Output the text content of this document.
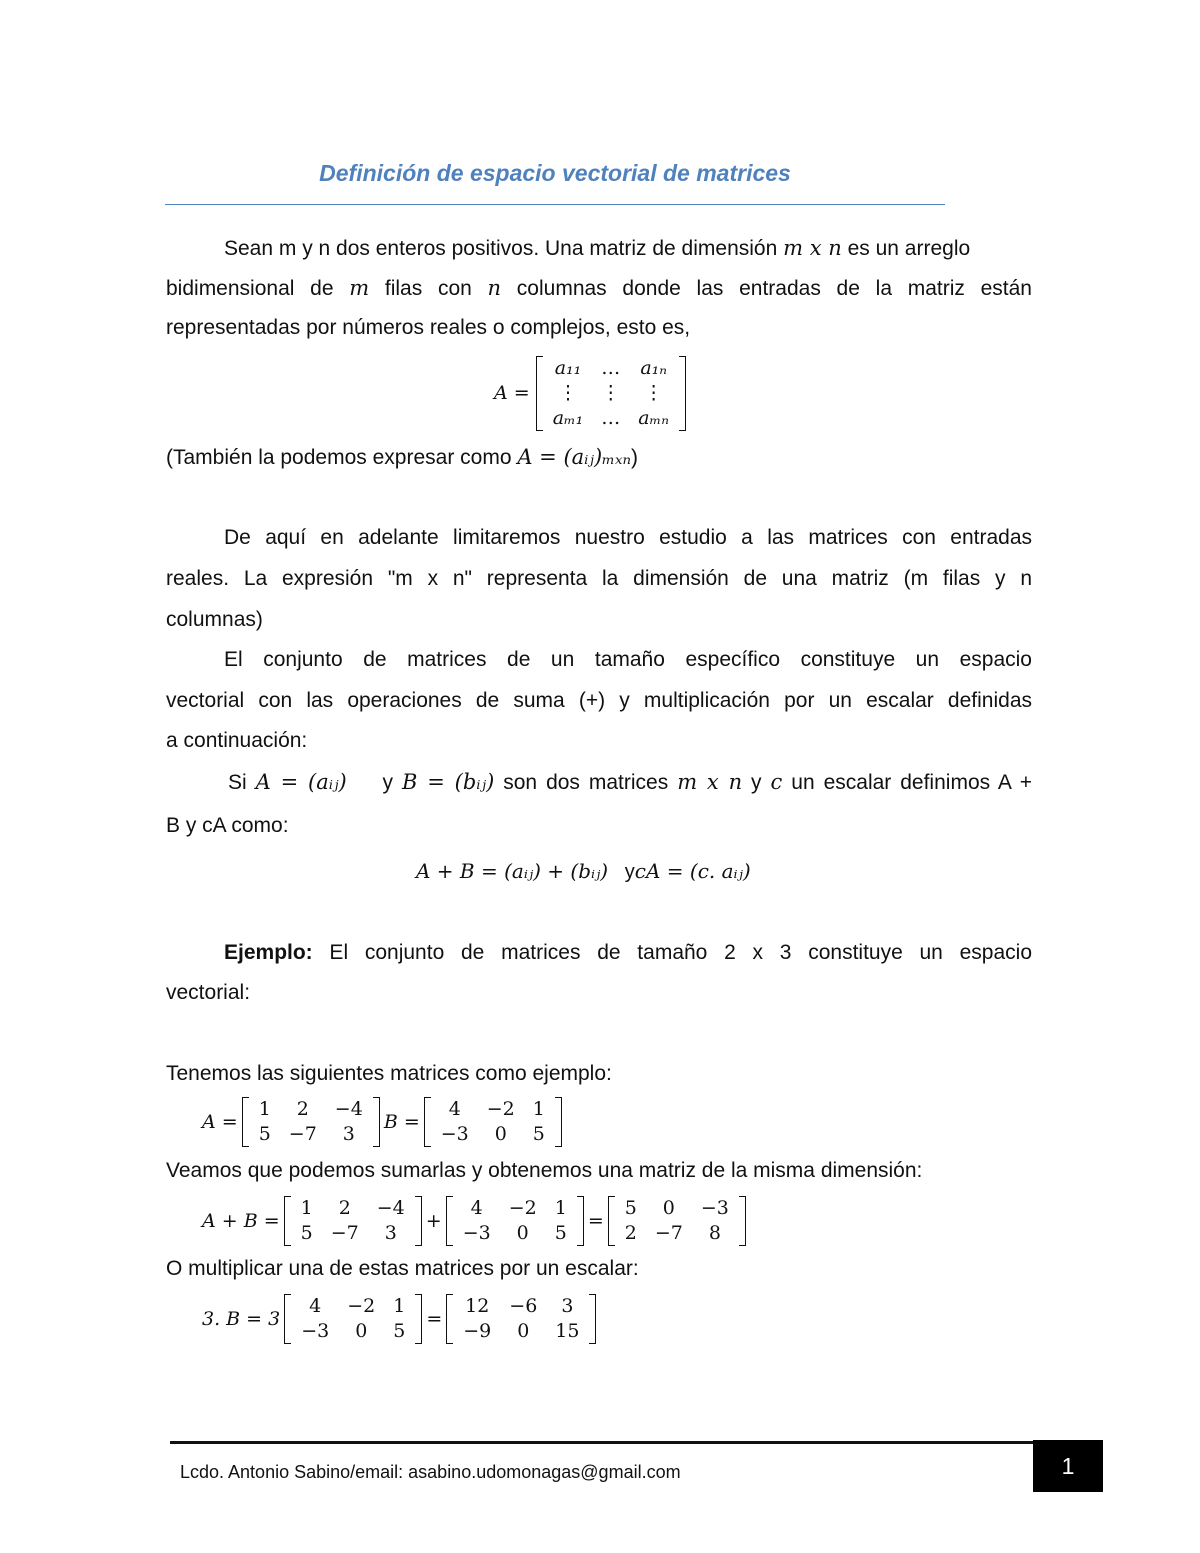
Definición de espacio vectorial de matrices
Sean m y n dos enteros positivos. Una matriz de dimensión m x n es un arreglo
bidimensional de m filas con n columnas donde las entradas de la matriz están
representadas por números reales o complejos, esto es,
A =
a₁₁	…	a₁ₙ
⋮	⋮	⋮
aₘ₁	…	aₘₙ
(También la podemos expresar como A = (aᵢⱼ)ₘₓₙ)
De aquí en adelante limitaremos nuestro estudio a las matrices con entradas
reales. La expresión "m x n" representa la dimensión de una matriz (m filas y n
columnas)
El conjunto de matrices de un tamaño específico constituye un espacio
vectorial con las operaciones de suma (+) y multiplicación por un escalar definidas
a continuación:
Si A = (aᵢⱼ)    y B = (bᵢⱼ) son dos matrices m x n y c un escalar definimos A +
B y cA como:
A + B = (aᵢⱼ) + (bᵢⱼ) ycA = (c. aᵢⱼ)
Ejemplo: El conjunto de matrices de tamaño 2 x 3 constituye un espacio
vectorial:
Tenemos las siguientes matrices como ejemplo:
A =
1	2	−4
5	−7	3
B =
4	−2	1
−3	0	5
Veamos que podemos sumarlas y obtenemos una matriz de la misma dimensión:
A + B =
1	2	−4
5	−7	3
+
4	−2	1
−3	0	5
=
5	0	−3
2	−7	8
O multiplicar una de estas matrices por un escalar:
3. B = 3
4	−2	1
−3	0	5
=
12	−6	3
−9	0	15
Lcdo. Antonio Sabino/email: asabino.udomonagas@gmail.com	1
